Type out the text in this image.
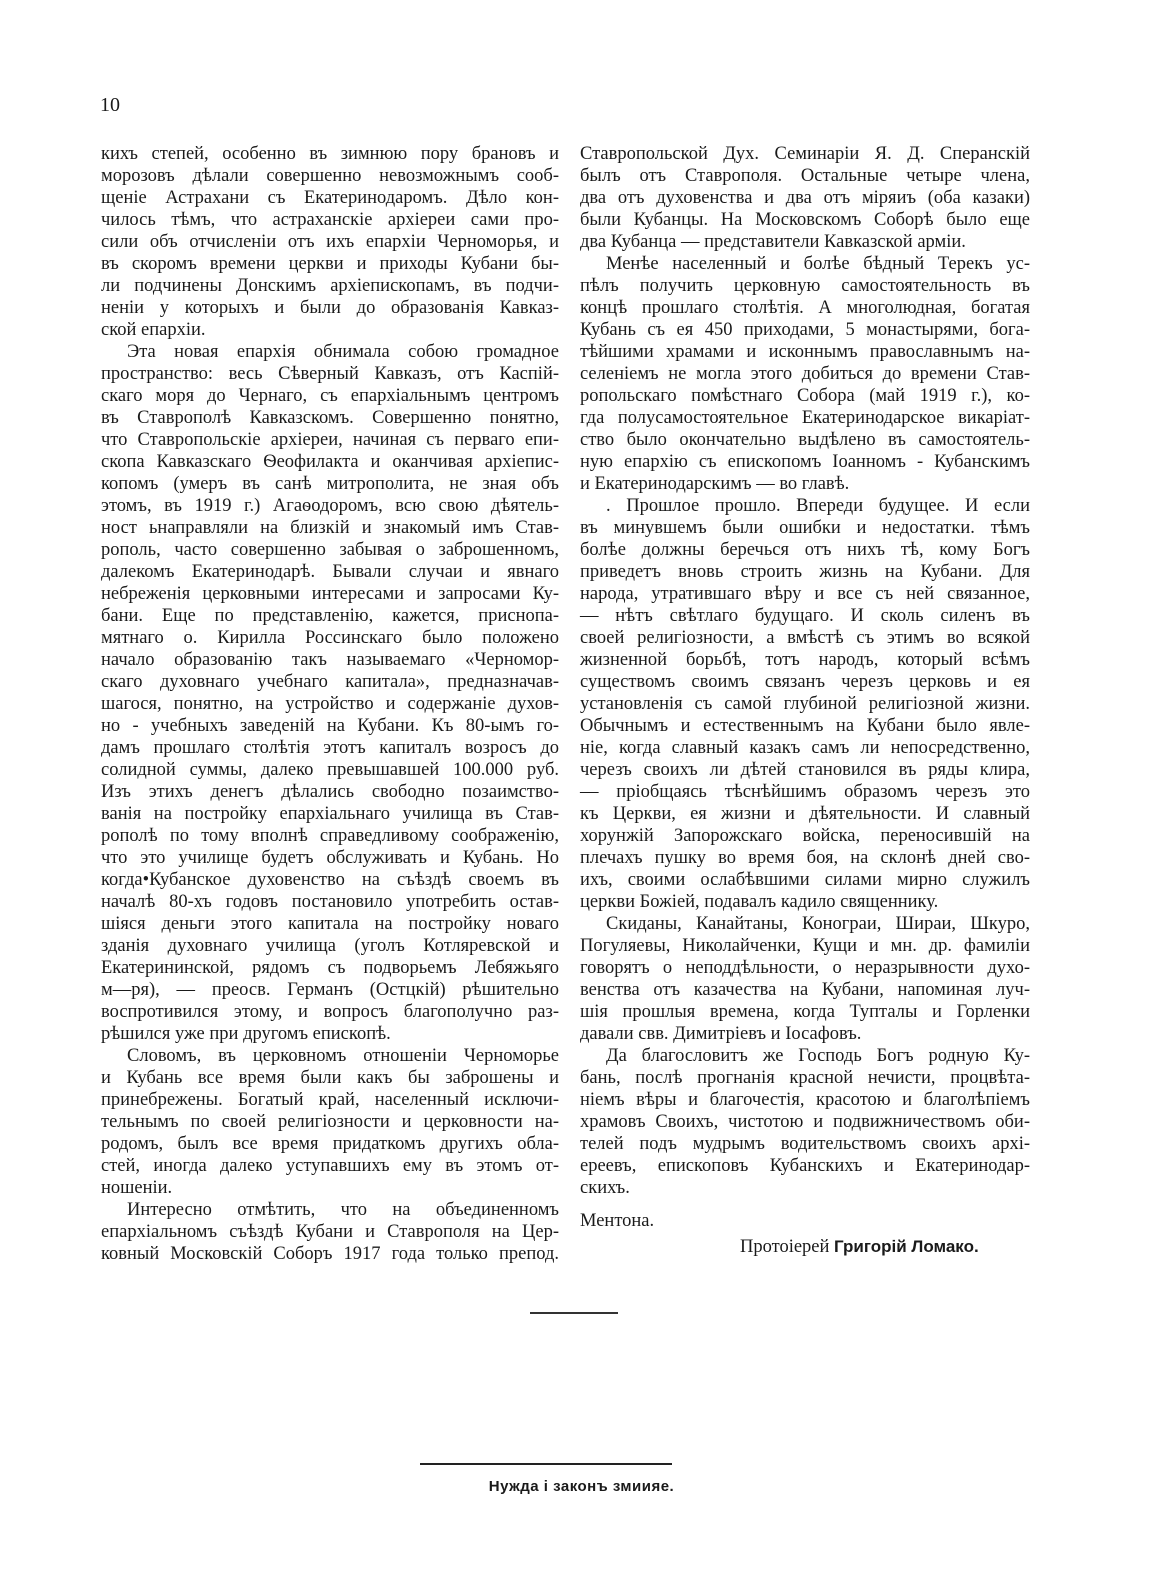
10
кихъ степей, особенно въ зимнюю пору брановъ и
морозовъ дѣлали совершенно невозможнымъ сооб-
щеніе Астрахани съ Екатеринодаромъ. Дѣло кон-
чилось тѣмъ, что астраханскіе архіереи сами про-
сили объ отчисленіи отъ ихъ епархіи Черноморья, и
въ скоромъ времени церкви и приходы Кубани бы-
ли подчинены Донскимъ архіепископамъ, въ подчи-
неніи у которыхъ и были до образованія Кавказ-
ской епархіи.
Эта новая епархія обнимала собою громадное
пространство: весь Сѣверный Кавказъ, отъ Каспій-
скаго моря до Чернаго, съ епархіальнымъ центромъ
въ Ставрополѣ Кавказскомъ. Совершенно понятно,
что Ставропольскіе архіереи, начиная съ перваго епи-
скопа Кавказскаго Ѳеофилакта и оканчивая архіепис-
копомъ (умеръ въ санѣ митрополита, не зная объ
этомъ, въ 1919 г.) Агаѳодоромъ, всю свою дѣятель-
ност ьнаправляли на близкій и знакомый имъ Став-
рополь, часто совершенно забывая о заброшенномъ,
далекомъ Екатеринодарѣ. Бывали случаи и явнаго
небреженія церковными интересами и запросами Ку-
бани. Еще по представленію, кажется, приснопа-
мятнаго о. Кирилла Россинскаго было положено
начало образованію такъ называемаго «Черномор-
скаго духовнаго учебнаго капитала», предназначав-
шагося, понятно, на устройство и содержаніе духов-
но - учебныхъ заведеній на Кубани. Къ 80-ымъ го-
дамъ прошлаго столѣтія этотъ капиталъ возросъ до
солидной суммы, далеко превышавшей 100.000 руб.
Изъ этихъ денегъ дѣлались свободно позаимство-
ванія на постройку епархіальнаго училища въ Став-
рополѣ по тому вполнѣ справедливому соображенію,
что это училище будетъ обслуживать и Кубань. Но
когда•Кубанское духовенство на съѣздѣ своемъ въ
началѣ 80-хъ годовъ постановило употребить остав-
шіяся деньги этого капитала на постройку новаго
зданія духовнаго училища (уголъ Котляревской и
Екатерининской, рядомъ съ подворьемъ Лебяжьяго
м—ря), — преосв. Германъ (Остцкій) рѣшительно
воспротивился этому, и вопросъ благополучно раз-
рѣшился уже при другомъ епископѣ.
Словомъ, въ церковномъ отношеніи Черноморье
и Кубань все время были какъ бы заброшены и
принебрежены. Богатый край, населенный исключи-
тельнымъ по своей религіозности и церковности на-
родомъ, былъ все время придаткомъ другихъ обла-
стей, иногда далеко уступавшихъ ему въ этомъ от-
ношеніи.
Интересно отмѣтить, что на объединенномъ
епархіальномъ съѣздѣ Кубани и Ставрополя на Цер-
ковный Московскій Соборъ 1917 года только препод.
Ставропольской Дух. Семинаріи Я. Д. Сперанскій
былъ отъ Ставрополя. Остальные четыре члена,
два отъ духовенства и два отъ міряиъ (оба казаки)
были Кубанцы. На Московскомъ Соборѣ было еще
два Кубанца — представители Кавказской арміи.
Менѣе населенный и болѣе бѣдный Терекъ ус-
пѣлъ получить церковную самостоятельность въ
концѣ прошлаго столѣтія. А многолюдная, богатая
Кубань съ ея 450 приходами, 5 монастырями, бога-
тѣйшими храмами и исконнымъ православнымъ на-
селеніемъ не могла этого добиться до времени Став-
ропольскаго помѣстнаго Собора (май 1919 г.), ко-
гда полусамостоятельное Екатеринодарское викаріат-
ство было окончательно выдѣлено въ самостоятель-
ную епархію съ епископомъ Іоанномъ - Кубанскимъ
и Екатеринодарскимъ — во главѣ.
. Прошлое прошло. Впереди будущее. И если
въ минувшемъ были ошибки и недостатки. тѣмъ
болѣе должны беречься отъ нихъ тѣ, кому Богъ
приведетъ вновь строить жизнь на Кубани. Для
народа, утратившаго вѣру и все съ ней связанное,
— нѣтъ свѣтлаго будущаго. И сколь силенъ въ
своей религіозности, а вмѣстѣ съ этимъ во всякой
жизненной борьбѣ, тотъ народъ, который всѣмъ
существомъ своимъ связанъ черезъ церковь и ея
установленія съ самой глубиной религіозной жизни.
Обычнымъ и естественнымъ на Кубани было явле-
ніе, когда славный казакъ самъ ли непосредственно,
черезъ своихъ ли дѣтей становился въ ряды клира,
— пріобщаясь тѣснѣйшимъ образомъ черезъ это
къ Церкви, ея жизни и дѣятельности. И славный
хорунжій Запорожскаго войска, переносившій на
плечахъ пушку во время боя, на склонѣ дней сво-
ихъ, своими ослабѣвшими силами мирно служилъ
церкви Божіей, подавалъ кадило священнику.
Скиданы, Канайтаны, Конограи, Шираи, Шкуро,
Погуляевы, Николайченки, Кущи и мн. др. фамиліи
говорятъ о неподдѣльности, о неразрывности духо-
венства отъ казачества на Кубани, напоминая луч-
шія прошлыя времена, когда Тупталы и Горленки
давали свв. Димитріевъ и Іосафовъ.
Да благословитъ же Господь Богъ родную Ку-
бань, послѣ прогнанія красной нечисти, процвѣта-
ніемъ вѣры и благочестія, красотою и благолѣпіемъ
храмовъ Своихъ, чистотою и подвижничествомъ оби-
телей подъ мудрымъ водительствомъ своихъ архі-
ереевъ, епископовъ Кубанскихъ и Екатеринодар-
скихъ.
Ментона.
Протоіерей Григорій Ломако.
Нужда і законъ змиияе.
